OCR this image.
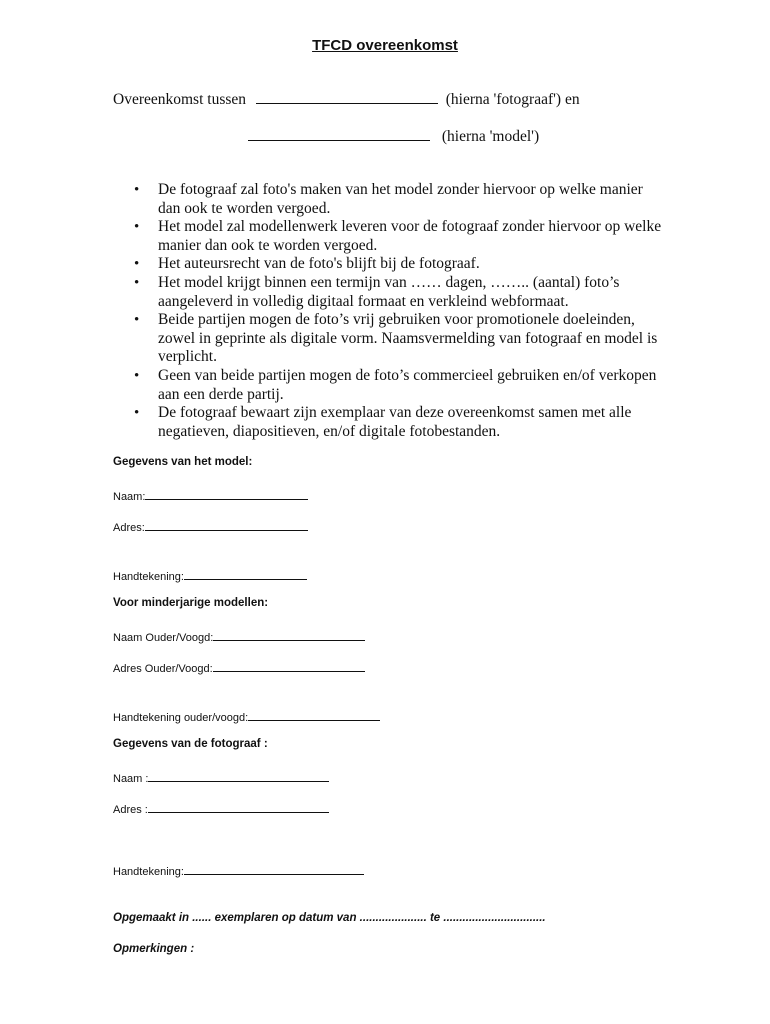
TFCD overeenkomst
Overeenkomst tussen	(hierna 'fotograaf') en
(hierna 'model')
• De fotograaf zal foto's maken van het model zonder hiervoor op welke manier dan ook te worden vergoed.
• Het model zal modellenwerk leveren voor de fotograaf zonder hiervoor op welke manier dan ook te worden vergoed.
• Het auteursrecht van de foto's blijft bij de fotograaf.
• Het model krijgt binnen een termijn van …… dagen, …….. (aantal) foto’s aangeleverd in volledig digitaal formaat en verkleind webformaat.
• Beide partijen mogen de foto’s vrij gebruiken voor promotionele doeleinden, zowel in geprinte als digitale vorm. Naamsvermelding van fotograaf en model is verplicht.
• Geen van beide partijen mogen de foto’s commercieel gebruiken en/of verkopen aan een derde partij.
• De fotograaf bewaart zijn exemplaar van deze overeenkomst samen met alle negatieven, diapositieven, en/of digitale fotobestanden.
Gegevens van het model:
Naam:
Adres:
Handtekening:
Voor minderjarige modellen:
Naam Ouder/Voogd:
Adres Ouder/Voogd:
Handtekening ouder/voogd:
Gegevens van de fotograaf :
Naam :
Adres :
Handtekening:
Opgemaakt in ...... exemplaren op datum van ..................... te ................................
Opmerkingen :
